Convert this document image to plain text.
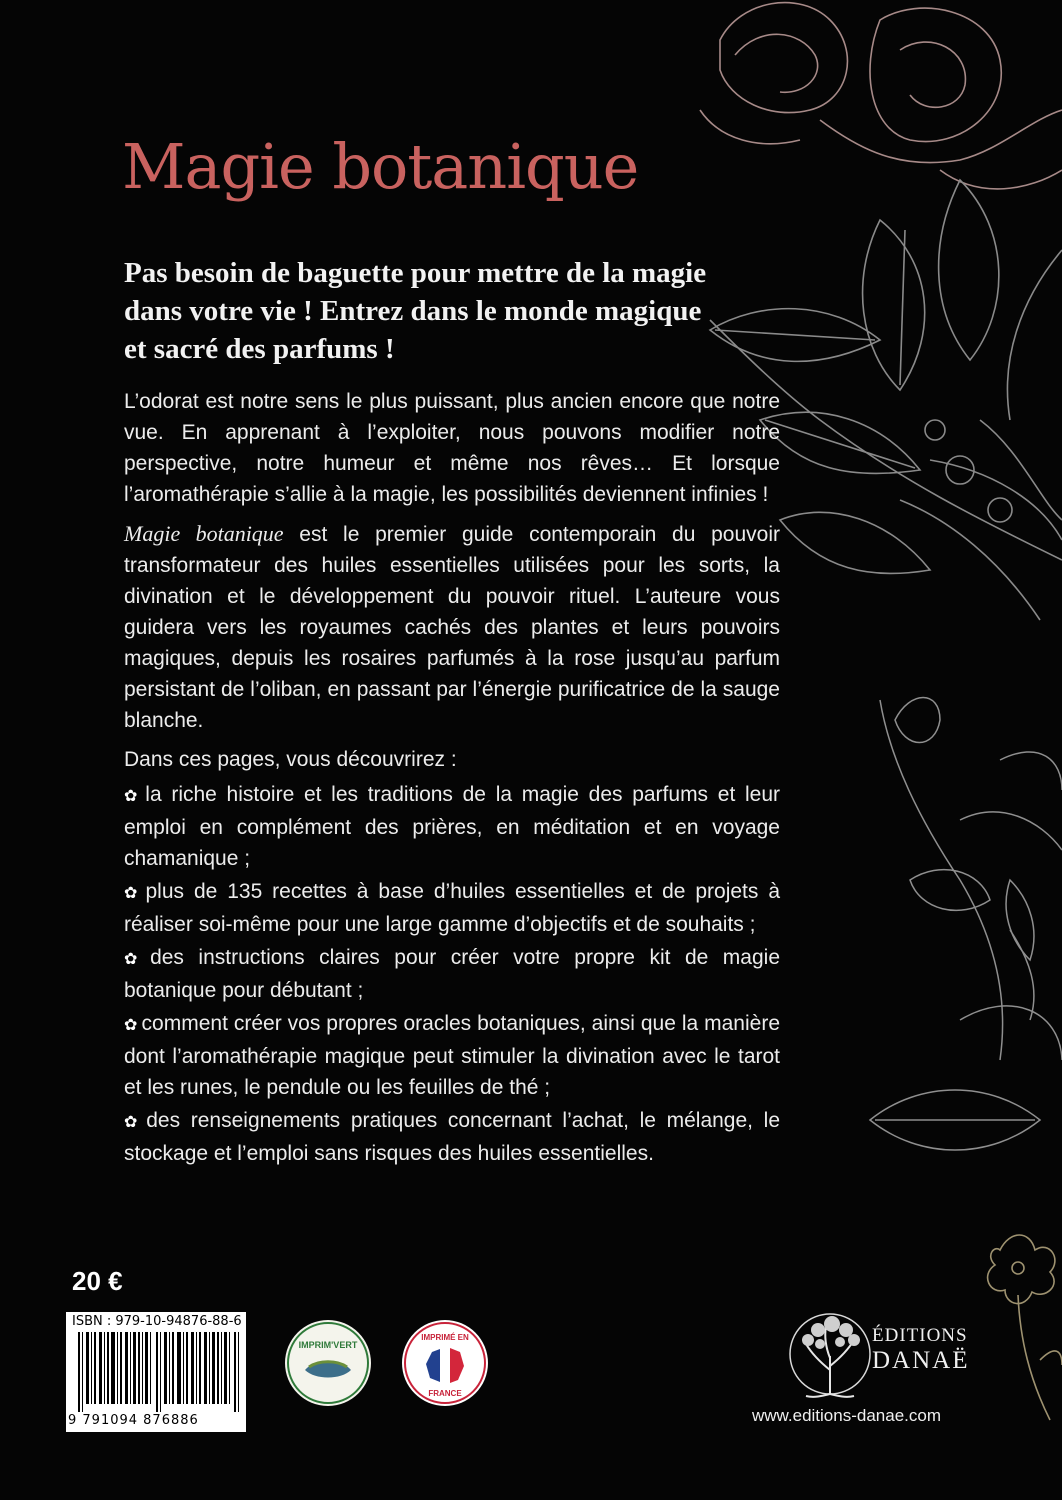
Magie botanique
Pas besoin de baguette pour mettre de la magie
dans votre vie ! Entrez dans le monde magique
et sacré des parfums !
L’odorat est notre sens le plus puissant, plus ancien encore que notre vue. En apprenant à l’exploiter, nous pouvons modifier notre perspective, notre humeur et même nos rêves… Et lorsque l’aromathérapie s’allie à la magie, les possibilités deviennent infinies !
Magie botanique est le premier guide contemporain du pouvoir transformateur des huiles essentielles utilisées pour les sorts, la divination et le développement du pouvoir rituel. L’auteure vous guidera vers les royaumes cachés des plantes et leurs pouvoirs magiques, depuis les rosaires parfumés à la rose jusqu’au parfum persistant de l’oliban, en passant par l’énergie purificatrice de la sauge blanche.
Dans ces pages, vous découvrirez :
✿ la riche histoire et les traditions de la magie des parfums et leur emploi en complément des prières, en méditation et en voyage chamanique ;
✿ plus de 135 recettes à base d’huiles essentielles et de projets à réaliser soi-même pour une large gamme d’objectifs et de souhaits ;
✿ des instructions claires pour créer votre propre kit de magie botanique pour débutant ;
✿ comment créer vos propres oracles botaniques, ainsi que la manière dont l’aromathérapie magique peut stimuler la divination avec le tarot et les runes, le pendule ou les feuilles de thé ;
✿ des renseignements pratiques concernant l’achat, le mélange, le stockage et l’emploi sans risques des huiles essentielles.
20 €
ISBN : 979-10-94876-88-6
9 791094 876886
IMPRIM'VERT
IMPRIMÉ EN
FRANCE
ÉDITIONS
DANAË
www.editions-danae.com
